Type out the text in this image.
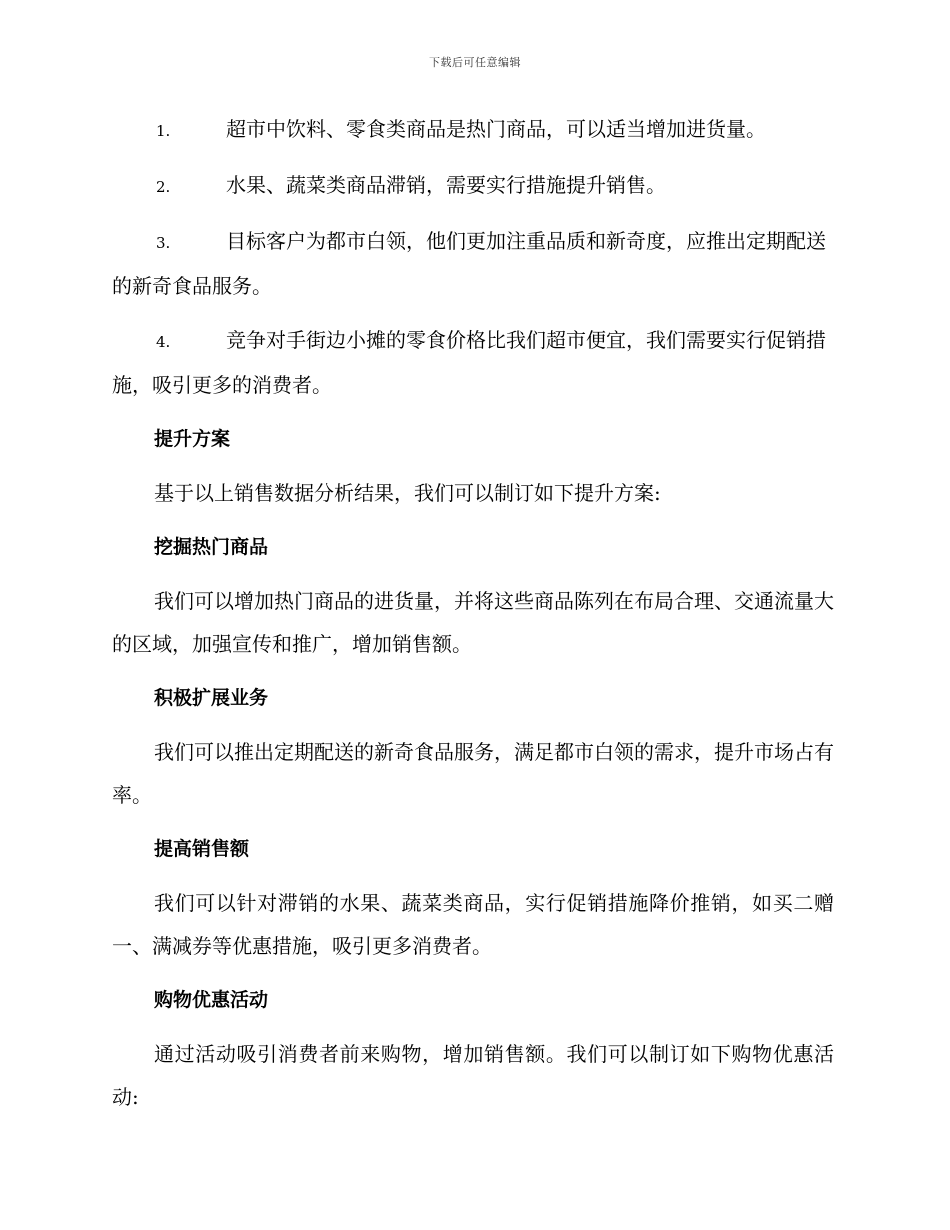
下载后可任意编辑
1.	超市中饮料、零食类商品是热门商品，可以适当增加进货量。
2.	水果、蔬菜类商品滞销，需要实行措施提升销售。
3.	目标客户为都市白领，他们更加注重品质和新奇度，应推出定期配送的新奇食品服务。
4.	竞争对手街边小摊的零食价格比我们超市便宜，我们需要实行促销措施，吸引更多的消费者。
提升方案
基于以上销售数据分析结果，我们可以制订如下提升方案:
挖掘热门商品
我们可以增加热门商品的进货量，并将这些商品陈列在布局合理、交通流量大的区域，加强宣传和推广，增加销售额。
积极扩展业务
我们可以推出定期配送的新奇食品服务，满足都市白领的需求，提升市场占有率。
提高销售额
我们可以针对滞销的水果、蔬菜类商品，实行促销措施降价推销，如买二赠一、满减券等优惠措施，吸引更多消费者。
购物优惠活动
通过活动吸引消费者前来购物，增加销售额。我们可以制订如下购物优惠活动:
